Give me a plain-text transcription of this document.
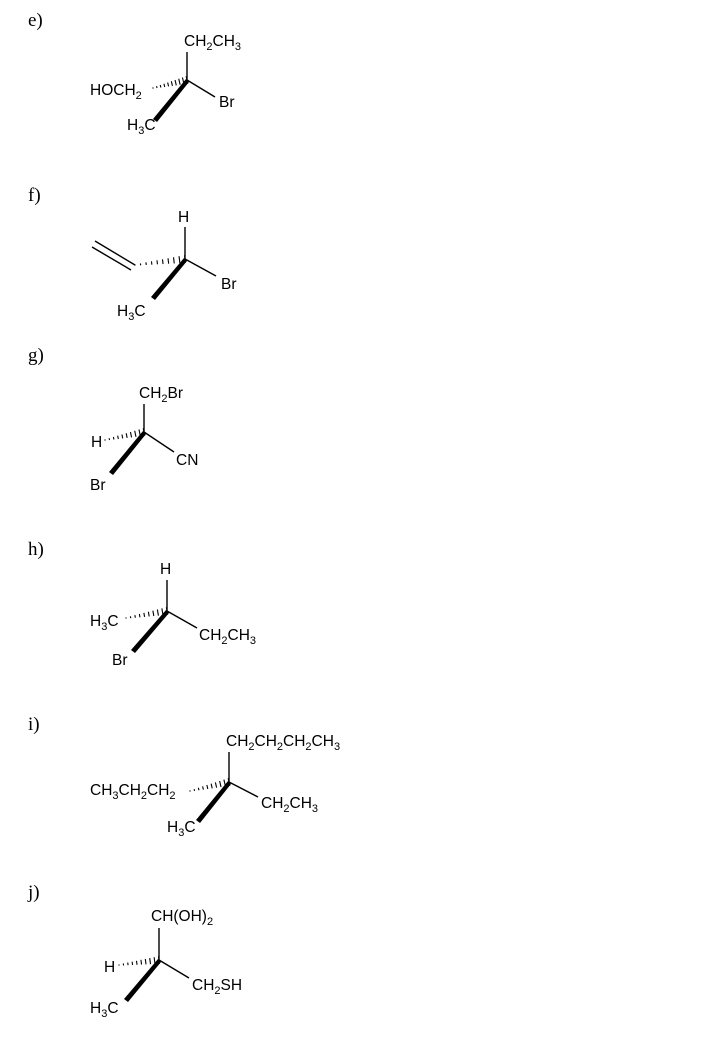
e)
$CH_2CH_3$
$HOCH_2$	Br
$H_3C$
f)
H
Br
$H_3C$
g)
$CH_2Br$
H
CN
Br
h)
H
$H_3C$
$CH_2CH_3$
Br
i)
$CH_2CH_2CH_2CH_3$
$CH_3CH_2CH_2$	$CH_2CH_3$
$H_3C$
j)
$CH(OH)_2$
H
$CH_2SH$
$H_3C$
